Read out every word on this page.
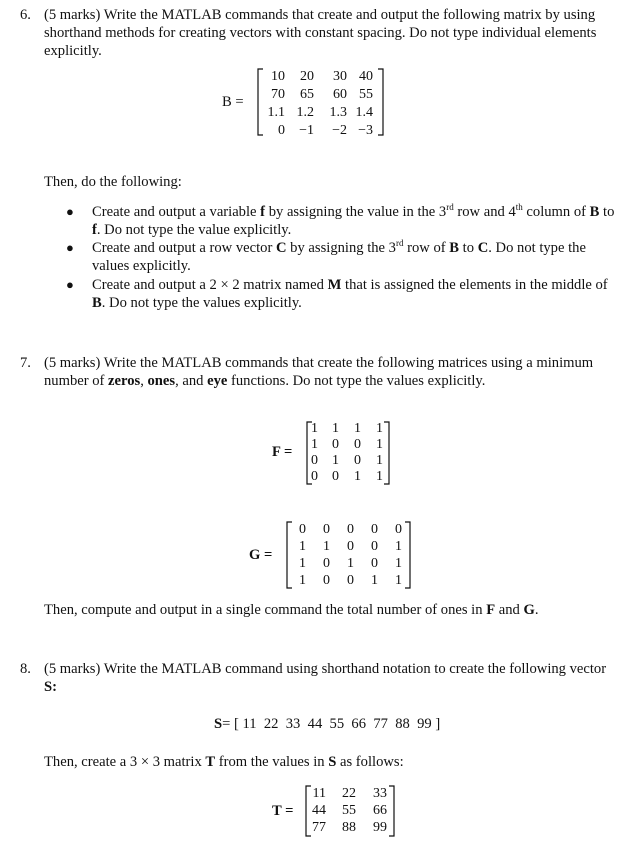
6. (5 marks) Write the MATLAB commands that create and output the following matrix by using
shorthand methods for creating vectors with constant spacing. Do not type individual elements
explicitly.
B =
10	20	30	40
70	65	60	55
1.1	1.2	1.3	1.4
0	−1	−2	−3
Then, do the following:
● Create and output a variable f by assigning the value in the 3rd row and 4th column of B to
f. Do not type the value explicitly.
● Create and output a row vector C by assigning the 3rd row of B to C. Do not type the
values explicitly.
● Create and output a 2 × 2 matrix named M that is assigned the elements in the middle of
B. Do not type the values explicitly.
7. (5 marks) Write the MATLAB commands that create the following matrices using a minimum
number of zeros, ones, and eye functions. Do not type the values explicitly.
F =
1	1	1	1
1	0	0	1
0	1	0	1
0	0	1	1
G =
0	0	0	0	0
1	1	0	0	1
1	0	1	0	1
1	0	0	1	1
Then, compute and output in a single command the total number of ones in F and G.
8. (5 marks) Write the MATLAB command using shorthand notation to create the following vector
S:
S= [ 11  22  33  44  55  66  77  88  99 ]
Then, create a 3 × 3 matrix T from the values in S as follows:
T =
11	22	33
44	55	66
77	88	99
